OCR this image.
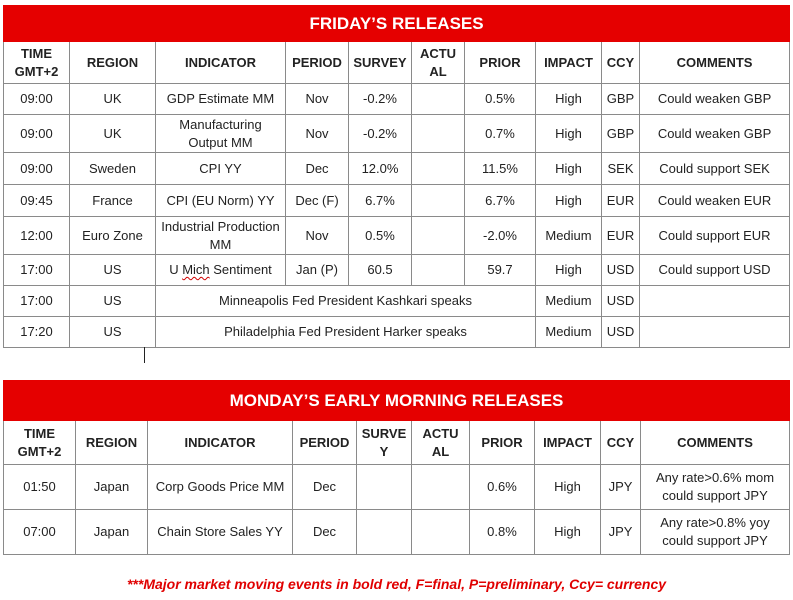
FRIDAY’S RELEASES									
TIME GMT+2	REGION	INDICATOR	PERIOD	SURVEY	ACTU AL	PRIOR	IMPACT	CCY	COMMENTS
09:00	UK	GDP Estimate MM	Nov	-0.2%		0.5%	High	GBP	Could weaken GBP
09:00	UK	Manufacturing Output MM	Nov	-0.2%		0.7%	High	GBP	Could weaken GBP
09:00	Sweden	CPI YY	Dec	12.0%		11.5%	High	SEK	Could support SEK
09:45	France	CPI (EU Norm) YY	Dec (F)	6.7%		6.7%	High	EUR	Could weaken EUR
12:00	Euro Zone	Industrial Production MM	Nov	0.5%		-2.0%	Medium	EUR	Could support EUR
17:00	US	U Mich Sentiment	Jan (P)	60.5		59.7	High	USD	Could support USD
17:00	US	Minneapolis Fed President Kashkari speaks					Medium	USD	
17:20	US	Philadelphia Fed President Harker speaks					Medium	USD	
MONDAY’S EARLY MORNING RELEASES									
TIME GMT+2	REGION	INDICATOR	PERIOD	SURVE Y	ACTU AL	PRIOR	IMPACT	CCY	COMMENTS
01:50	Japan	Corp Goods Price MM	Dec			0.6%	High	JPY	Any rate>0.6% mom could support JPY
07:00	Japan	Chain Store Sales YY	Dec			0.8%	High	JPY	Any rate>0.8% yoy could support JPY
***Major market moving events in bold red, F=final, P=preliminary, Ccy= currency
